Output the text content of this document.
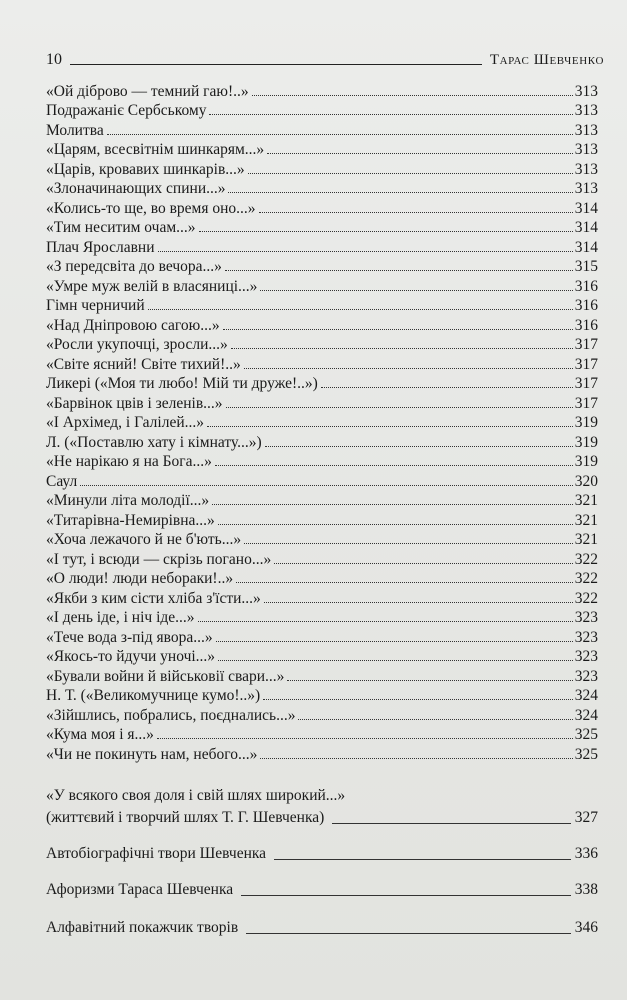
10	Тарас Шевченко
«Ой діброво — темний гаю!..»	313
Подражаніє Сербському	313
Молитва	313
«Царям, всесвітнім шинкарям...»	313
«Царів, кровавих шинкарів...»	313
«Злоначинающих спини...»	313
«Колись-то ще, во время оно...»	314
«Тим неситим очам...»	314
Плач Ярославни	314
«З передсвіта до вечора...»	315
«Умре муж велій в власяниці...»	316
Гімн черничий	316
«Над Дніпровою сагою...»	316
«Росли укупочці, зросли...»	317
«Світе ясний! Світе тихий!..»	317
Ликері («Моя ти любо! Мій ти друже!..»)	317
«Барвінок цвів і зеленів...»	317
«І Архімед, і Галілей...»	319
Л. («Поставлю хату і кімнату...»)	319
«Не нарікаю я на Бога...»	319
Саул	320
«Минули літа молодії...»	321
«Титарівна-Немирівна...»	321
«Хоча лежачого й не б'ють...»	321
«І тут, і всюди — скрізь погано...»	322
«О люди! люди небораки!..»	322
«Якби з ким сісти хліба з'їсти...»	322
«І день іде, і ніч іде...»	323
«Тече вода з-під явора...»	323
«Якось-то йдучи уночі...»	323
«Бували войни й військовії свари...»	323
Н. Т. («Великомучнице кумо!..»)	324
«Зійшлись, побрались, поєднались...»	324
«Кума моя і я...»	325
«Чи не покинуть нам, небого...»	325
«У всякого своя доля і свій шлях широкий...»
(життєвий і творчий шлях Т. Г. Шевченка)	327
Автобіографічні твори Шевченка	336
Афоризми Тараса Шевченка	338
Алфавітний покажчик творів	346
